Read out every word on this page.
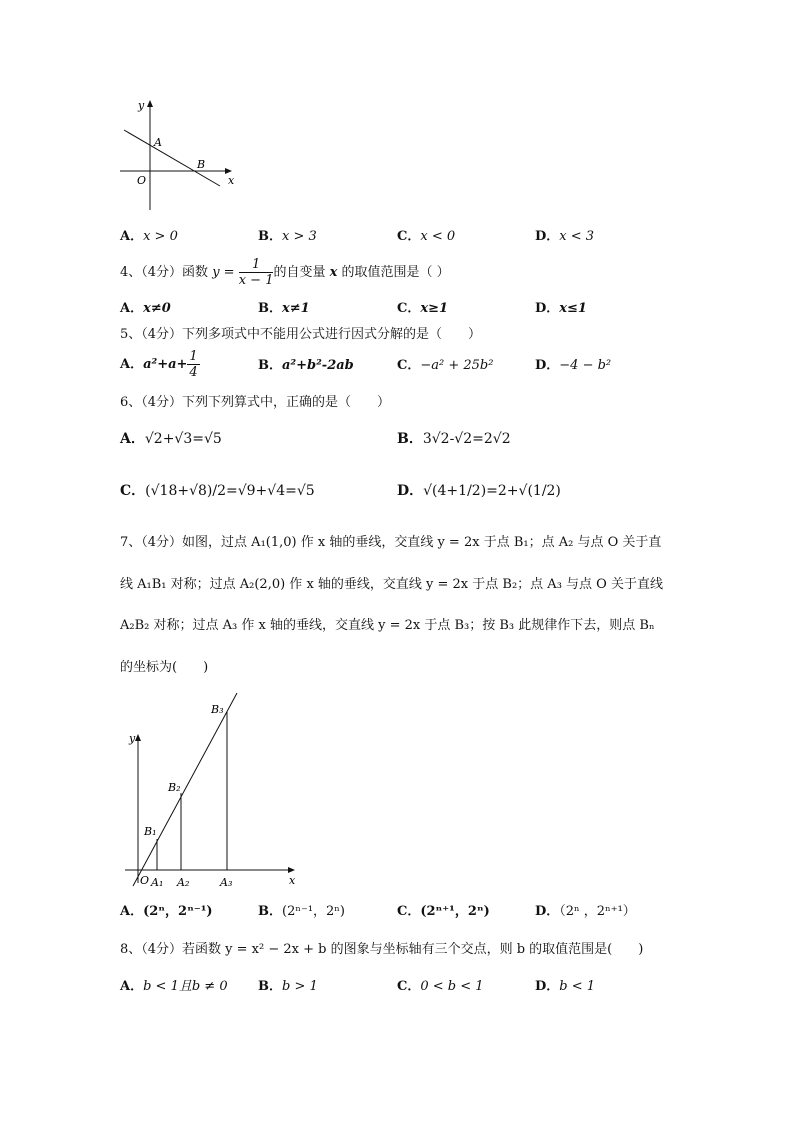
y
x
O
A
B
A．x > 0	B．x > 3	C．x < 0	D．x < 3
4、（4分）函数 $y = \frac{1}{x - 1}$ 的自变量 x 的取值范围是（ ）
A．x≠0	B．x≠1	C．x≥1	D．x≤1
5、（4分）下列多项式中不能用公式进行因式分解的是（　　）
A．$a^2+a+ \frac{1}{4}$	B．a²+b²-2ab	C．−a² + 25b²	D．−4 − b²
6、（4分）下列下列算式中，正确的是（　　）
A．√2+√3=√5	B．3√2-√2=2√2
C．(√18+√8)/2=√9+√4=√5	D．√(4+1/2)=2+√(1/2)
7、（4分）如图，过点 A₁(1,0) 作 x 轴的垂线，交直线 y = 2x 于点 B₁；点 A₂ 与点 O 关于直
线 A₁B₁ 对称；过点 A₂(2,0) 作 x 轴的垂线，交直线 y = 2x 于点 B₂；点 A₃ 与点 O 关于直线
A₂B₂ 对称；过点 A₃ 作 x 轴的垂线，交直线 y = 2x 于点 B₃；按 B₃ 此规律作下去，则点 Bₙ
的坐标为(　　)
y
x
O A₁ A₂	A₃
B₁
B₂
B₃
A．(2ⁿ，2ⁿ⁻¹)	B．(2ⁿ⁻¹，2ⁿ)	C．(2ⁿ⁺¹，2ⁿ)	D．（2ⁿ ，2ⁿ⁺¹）
8、（4分）若函数 y = x² − 2x + b 的图象与坐标轴有三个交点，则 b 的取值范围是(　　)
A．b < 1且b ≠ 0 B．b > 1	C．0 < b < 1	D．b < 1
